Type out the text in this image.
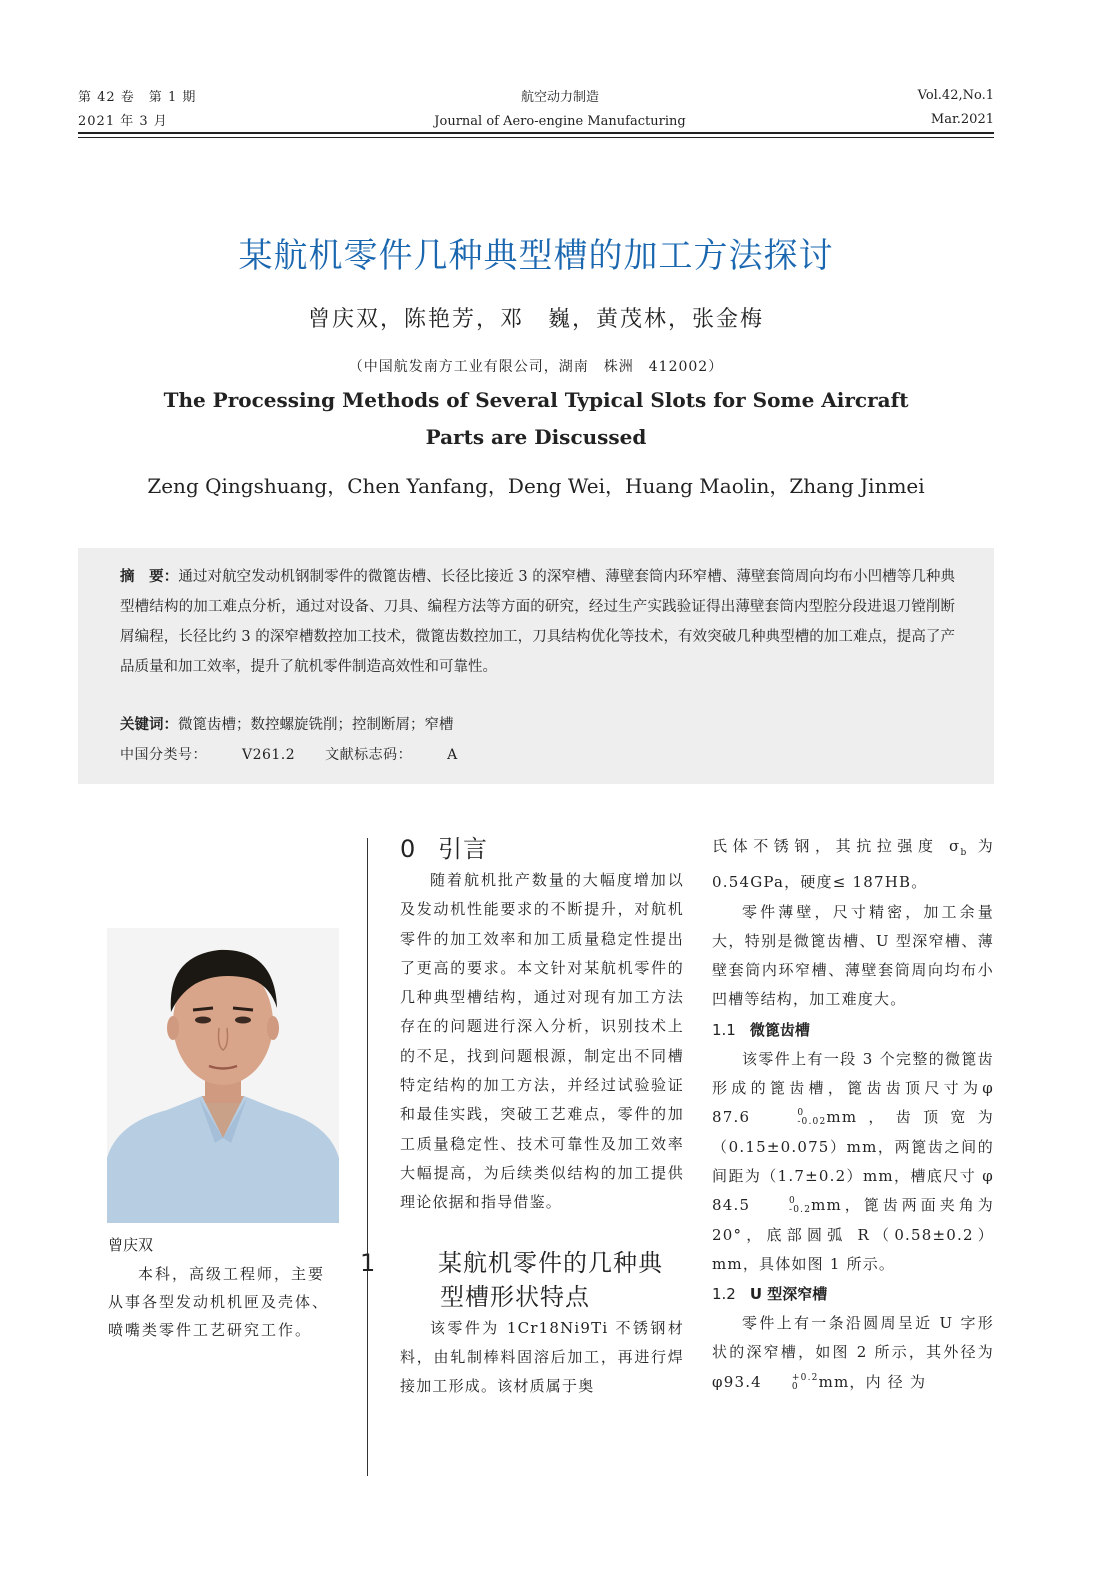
第 42 卷　第 1 期
2021 年 3 月
航空动力制造
Journal of Aero-engine Manufacturing
Vol.42,No.1
Mar.2021
某航机零件几种典型槽的加工方法探讨
曾庆双，陈艳芳，邓　巍，黄茂林，张金梅
（中国航发南方工业有限公司，湖南　株洲　412002）
The Processing Methods of Several Typical Slots for Some Aircraft Parts are Discussed
Zeng Qingshuang，Chen Yanfang，Deng Wei，Huang Maolin，Zhang Jinmei
摘　要：通过对航空发动机钢制零件的微篦齿槽、长径比接近 3 的深窄槽、薄壁套筒内环窄槽、薄壁套筒周向均布小凹槽等几种典型槽结构的加工难点分析，通过对设备、刀具、编程方法等方面的研究，经过生产实践验证得出薄壁套筒内型腔分段进退刀镗削断屑编程，长径比约 3 的深窄槽数控加工技术，微篦齿数控加工，刀具结构优化等技术，有效突破几种典型槽的加工难点，提高了产品质量和加工效率，提升了航机零件制造高效性和可靠性。
关键词：微篦齿槽；数控螺旋铣削；控制断屑；窄槽
中国分类号： V261.2 文献标志码： A
曾庆双
本科，高级工程师，主要从事各型发动机机匣及壳体、喷嘴类零件工艺研究工作。
0 引言
随着航机批产数量的大幅度增加以及发动机性能要求的不断提升，对航机零件的加工效率和加工质量稳定性提出了更高的要求。本文针对某航机零件的几种典型槽结构，通过对现有加工方法存在的问题进行深入分析，识别技术上的不足，找到问题根源，制定出不同槽特定结构的加工方法，并经过试验验证和最佳实践，突破工艺难点，零件的加工质量稳定性、技术可靠性及加工效率大幅提高，为后续类似结构的加工提供理论依据和指导借鉴。
1	某航机零件的几种典型槽形状特点
该零件为 1Cr18Ni9Ti 不锈钢材料，由轧制棒料固溶后加工，再进行焊接加工形成。该材质属于奥
氏体不锈钢，其抗拉强度 $\sigma_b$ 为 0.54GPa，硬度≤ 187HB。
零件薄壁，尺寸精密，加工余量大，特别是微篦齿槽、U 型深窄槽、薄壁套筒内环窄槽、薄壁套筒周向均布小凹槽等结构，加工难度大。
1.1 微篦齿槽
该零件上有一段 3 个完整的微篦齿形成的篦齿槽，篦齿齿顶尺寸为φ 87.6	0
-0.02 mm，齿顶宽为（0.15±0.075）mm，两篦齿之间的间距为（1.7±0.2）mm，槽底尺寸 φ 84.5	0
-0.2 mm，篦齿两面夹角为 20°，底部圆弧 R（0.58±0.2）mm，具体如图 1 所示。
1.2 U 型深窄槽
零件上有一条沿圆周呈近 U 字形状的深窄槽，如图 2 所示，其外径为 φ93.4	+0.2
0	mm，内 径 为
